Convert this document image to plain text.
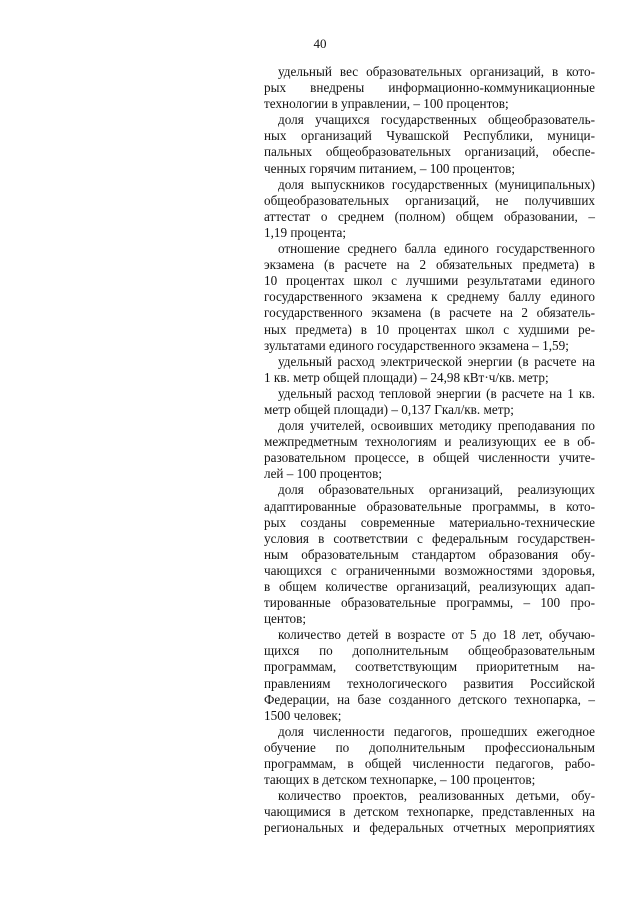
40
удельный вес образовательных организаций, в кото-
рых внедрены информационно-коммуникационные
технологии в управлении, – 100 процентов;
доля учащихся государственных общеобразователь-
ных организаций Чувашской Республики, муници-
пальных общеобразовательных организаций, обеспе-
ченных горячим питанием, – 100 процентов;
доля выпускников государственных (муниципальных)
общеобразовательных организаций, не получивших
аттестат о среднем (полном) общем образовании, –
1,19 процента;
отношение среднего балла единого государственного
экзамена (в расчете на 2 обязательных предмета) в
10 процентах школ с лучшими результатами единого
государственного экзамена к среднему баллу единого
государственного экзамена (в расчете на 2 обязатель-
ных предмета) в 10 процентах школ с худшими ре-
зультатами единого государственного экзамена – 1,59;
удельный расход электрической энергии (в расчете на
1 кв. метр общей площади) – 24,98 кВт·ч/кв. метр;
удельный расход тепловой энергии (в расчете на 1 кв.
метр общей площади) – 0,137 Гкал/кв. метр;
доля учителей, освоивших методику преподавания по
межпредметным технологиям и реализующих ее в об-
разовательном процессе, в общей численности учите-
лей – 100 процентов;
доля образовательных организаций, реализующих
адаптированные образовательные программы, в кото-
рых созданы современные материально-технические
условия в соответствии с федеральным государствен-
ным образовательным стандартом образования обу-
чающихся с ограниченными возможностями здоровья,
в общем количестве организаций, реализующих адап-
тированные образовательные программы, – 100 про-
центов;
количество детей в возрасте от 5 до 18 лет, обучаю-
щихся по дополнительным общеобразовательным
программам, соответствующим приоритетным на-
правлениям технологического развития Российской
Федерации, на базе созданного детского технопарка, –
1500 человек;
доля численности педагогов, прошедших ежегодное
обучение по дополнительным профессиональным
программам, в общей численности педагогов, рабо-
тающих в детском технопарке, – 100 процентов;
количество проектов, реализованных детьми, обу-
чающимися в детском технопарке, представленных на
региональных и федеральных отчетных мероприятиях
